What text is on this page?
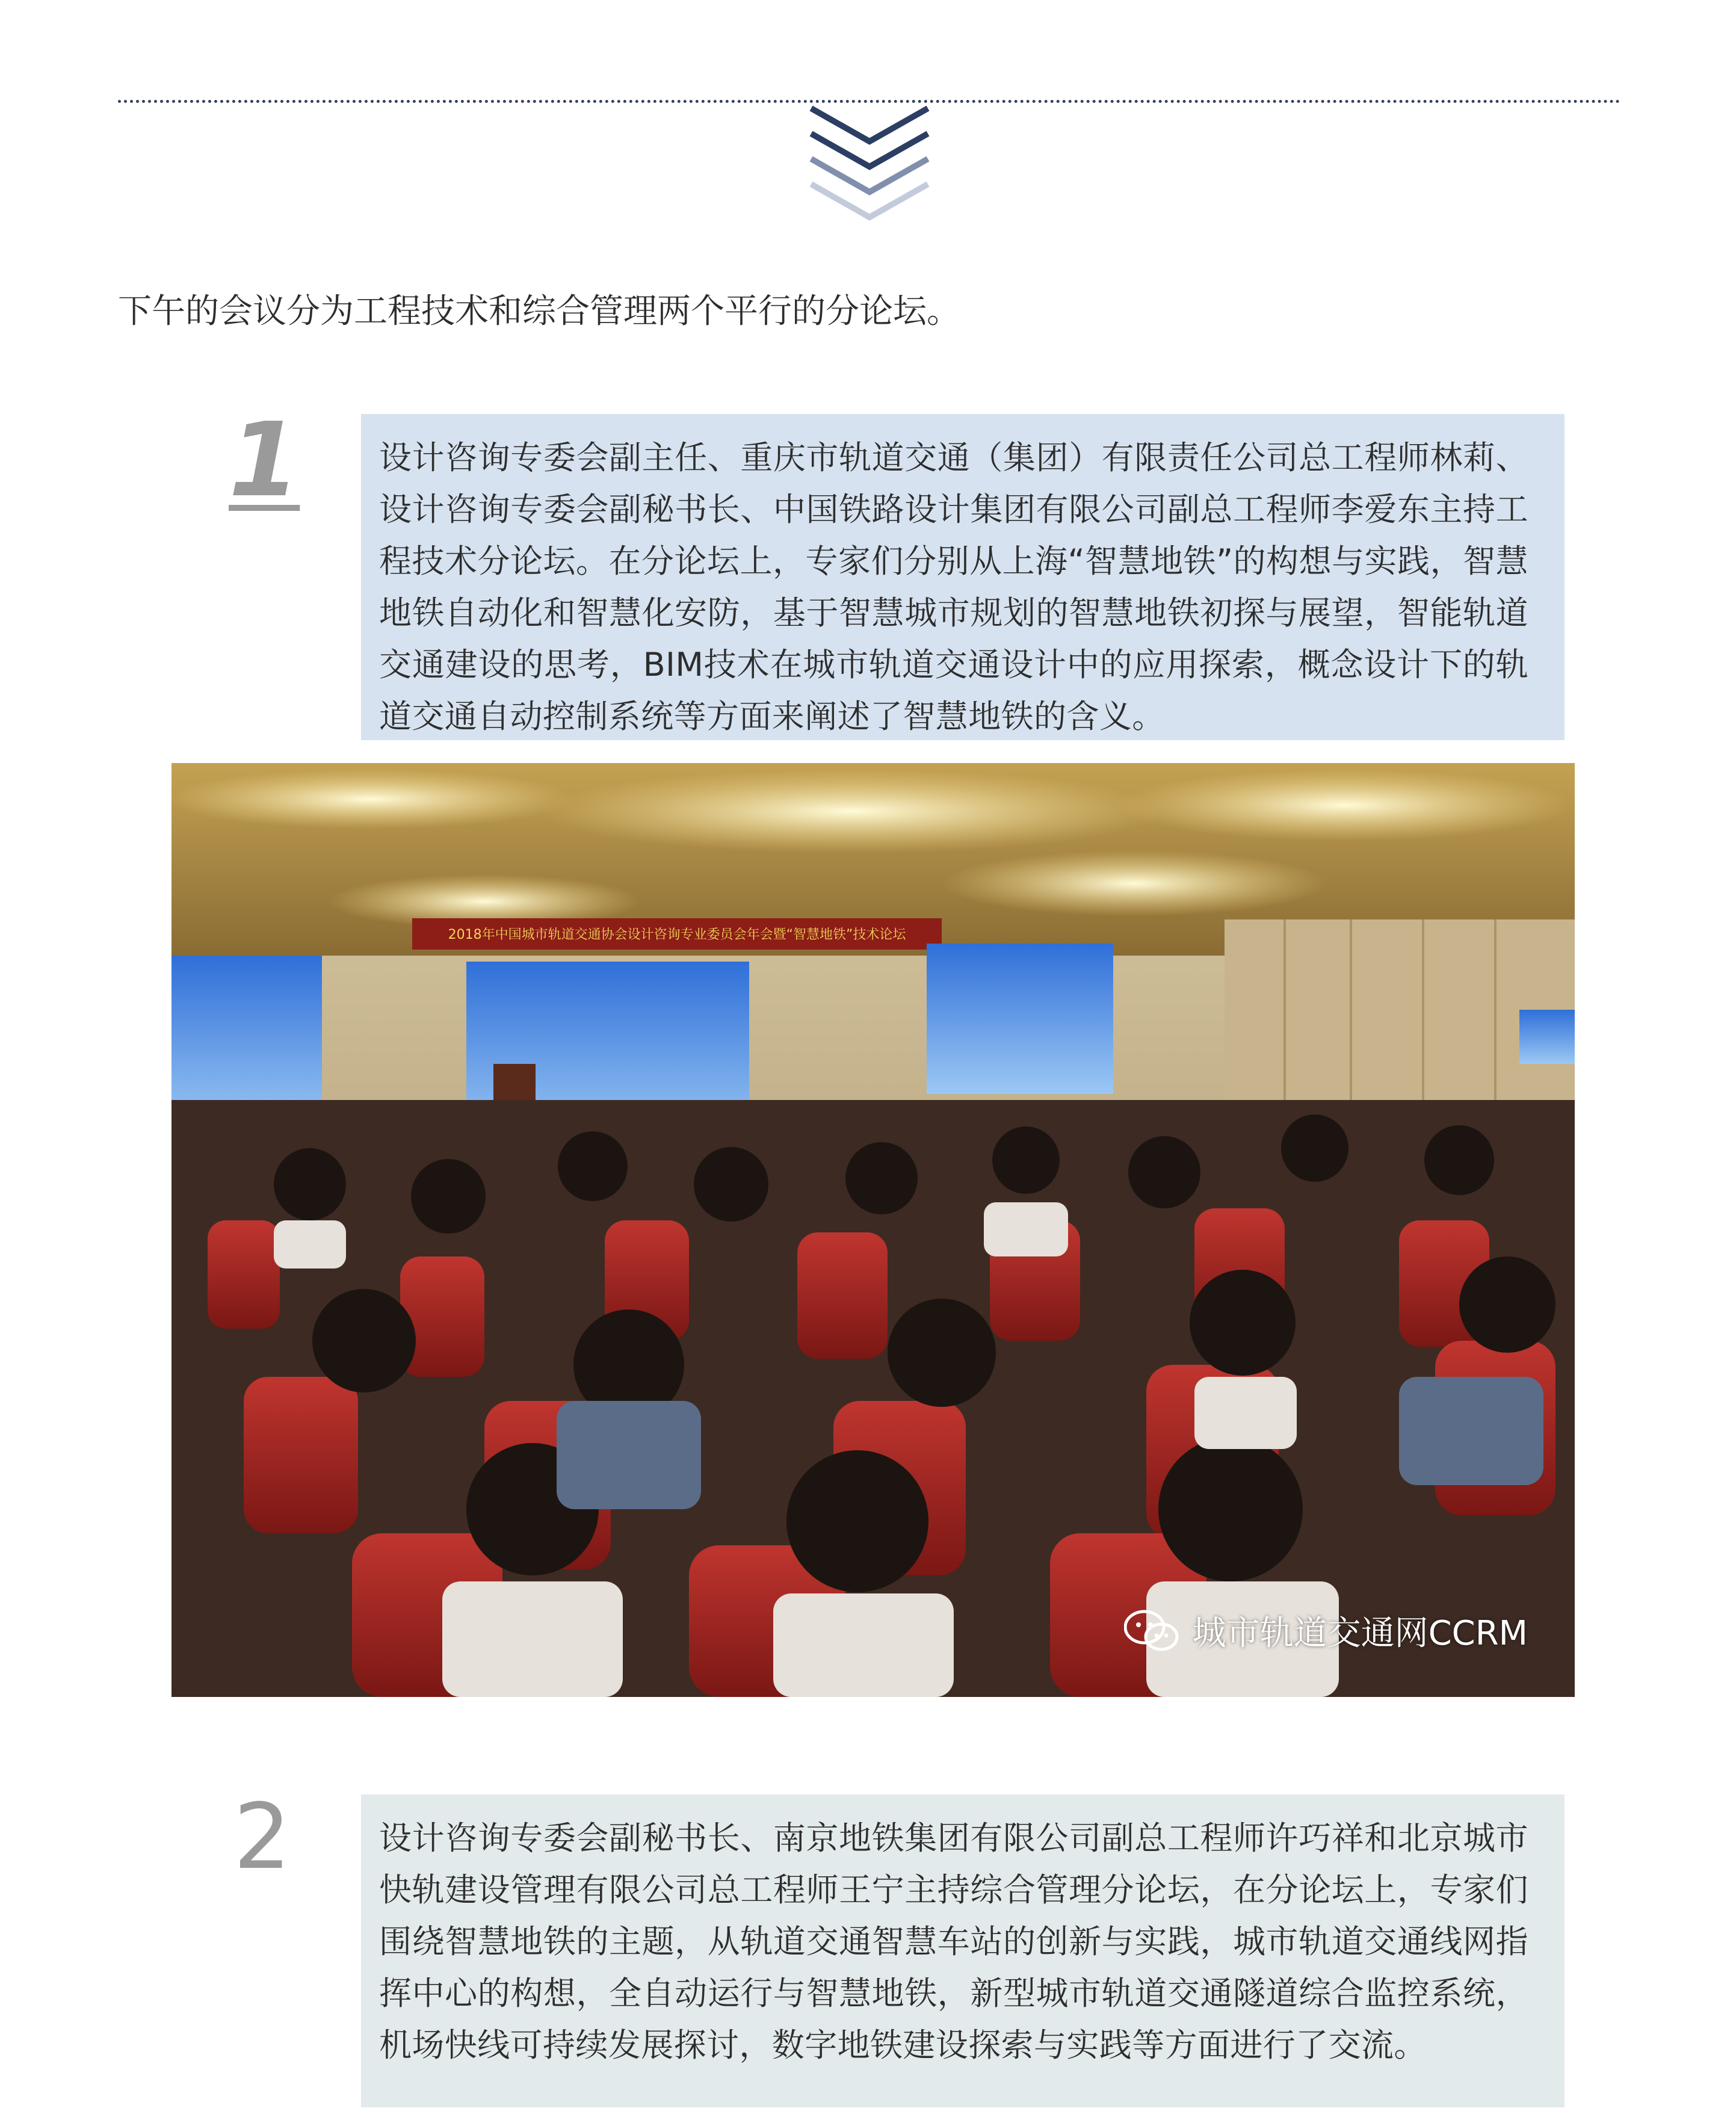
下午的会议分为工程技术和综合管理两个平行的分论坛。

1 设计咨询专委会副主任、重庆市轨道交通（集团）有限责任公司总工程师林莉、设计咨询专委会副秘书长、中国铁路设计集团有限公司副总工程师李爱东主持工程技术分论坛。在分论坛上，专家们分别从上海“智慧地铁”的构想与实践，智慧地铁自动化和智慧化安防，基于智慧城市规划的智慧地铁初探与展望，智能轨道交通建设的思考，BIM技术在城市轨道交通设计中的应用探索，概念设计下的轨道交通自动控制系统等方面来阐述了智慧地铁的含义。

2018年中国城市轨道交通协会设计咨询专业委员会年会暨“智慧地铁”技术论坛
城市轨道交通网CCRM
2	设计咨询专委会副秘书长、南京地铁集团有限公司副总工程师许巧祥和北京城市快轨建设管理有限公司总工程师王宁主持综合管理分论坛，在分论坛上，专家们围绕智慧地铁的主题，从轨道交通智慧车站的创新与实践，城市轨道交通线网指挥中心的构想，全自动运行与智慧地铁，新型城市轨道交通隧道综合监控系统，机场快线可持续发展探讨，数字地铁建设探索与实践等方面进行了交流。
